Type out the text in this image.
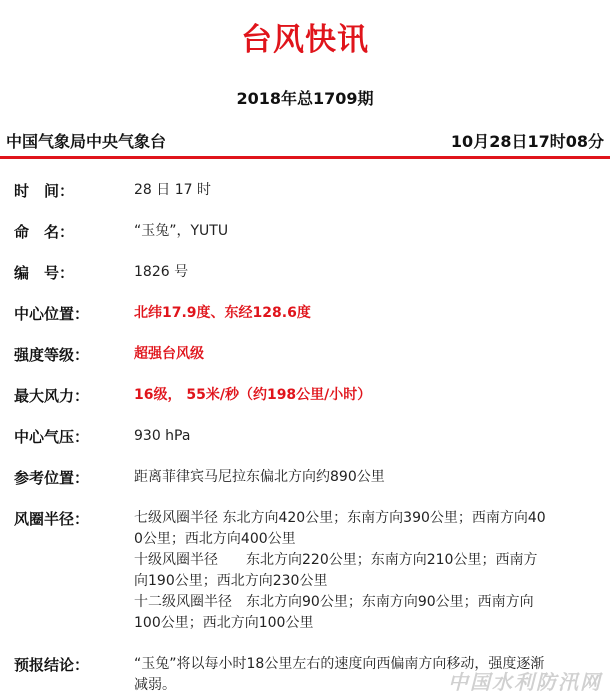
台风快讯
2018年总1709期
中国气象局中央气象台	10月28日17时08分
时　间：	28 日 17 时
命　名：	“玉兔”，YUTU
编　号：	1826 号
中心位置：	北纬17.9度、东经128.6度
强度等级：	超强台风级
最大风力：	16级， 55米/秒（约198公里/小时）
中心气压：	930 hPa
参考位置：	距离菲律宾马尼拉东偏北方向约890公里
风圈半径：	七级风圈半径 东北方向420公里；东南方向390公里；西南方向40
0公里；西北方向400公里
十级风圈半径　　东北方向220公里；东南方向210公里；西南方
向190公里；西北方向230公里
十二级风圈半径　东北方向90公里；东南方向90公里；西南方向
100公里；西北方向100公里
预报结论：	“玉兔”将以每小时18公里左右的速度向西偏南方向移动，强度逐渐
减弱。	中国水利防汛网
